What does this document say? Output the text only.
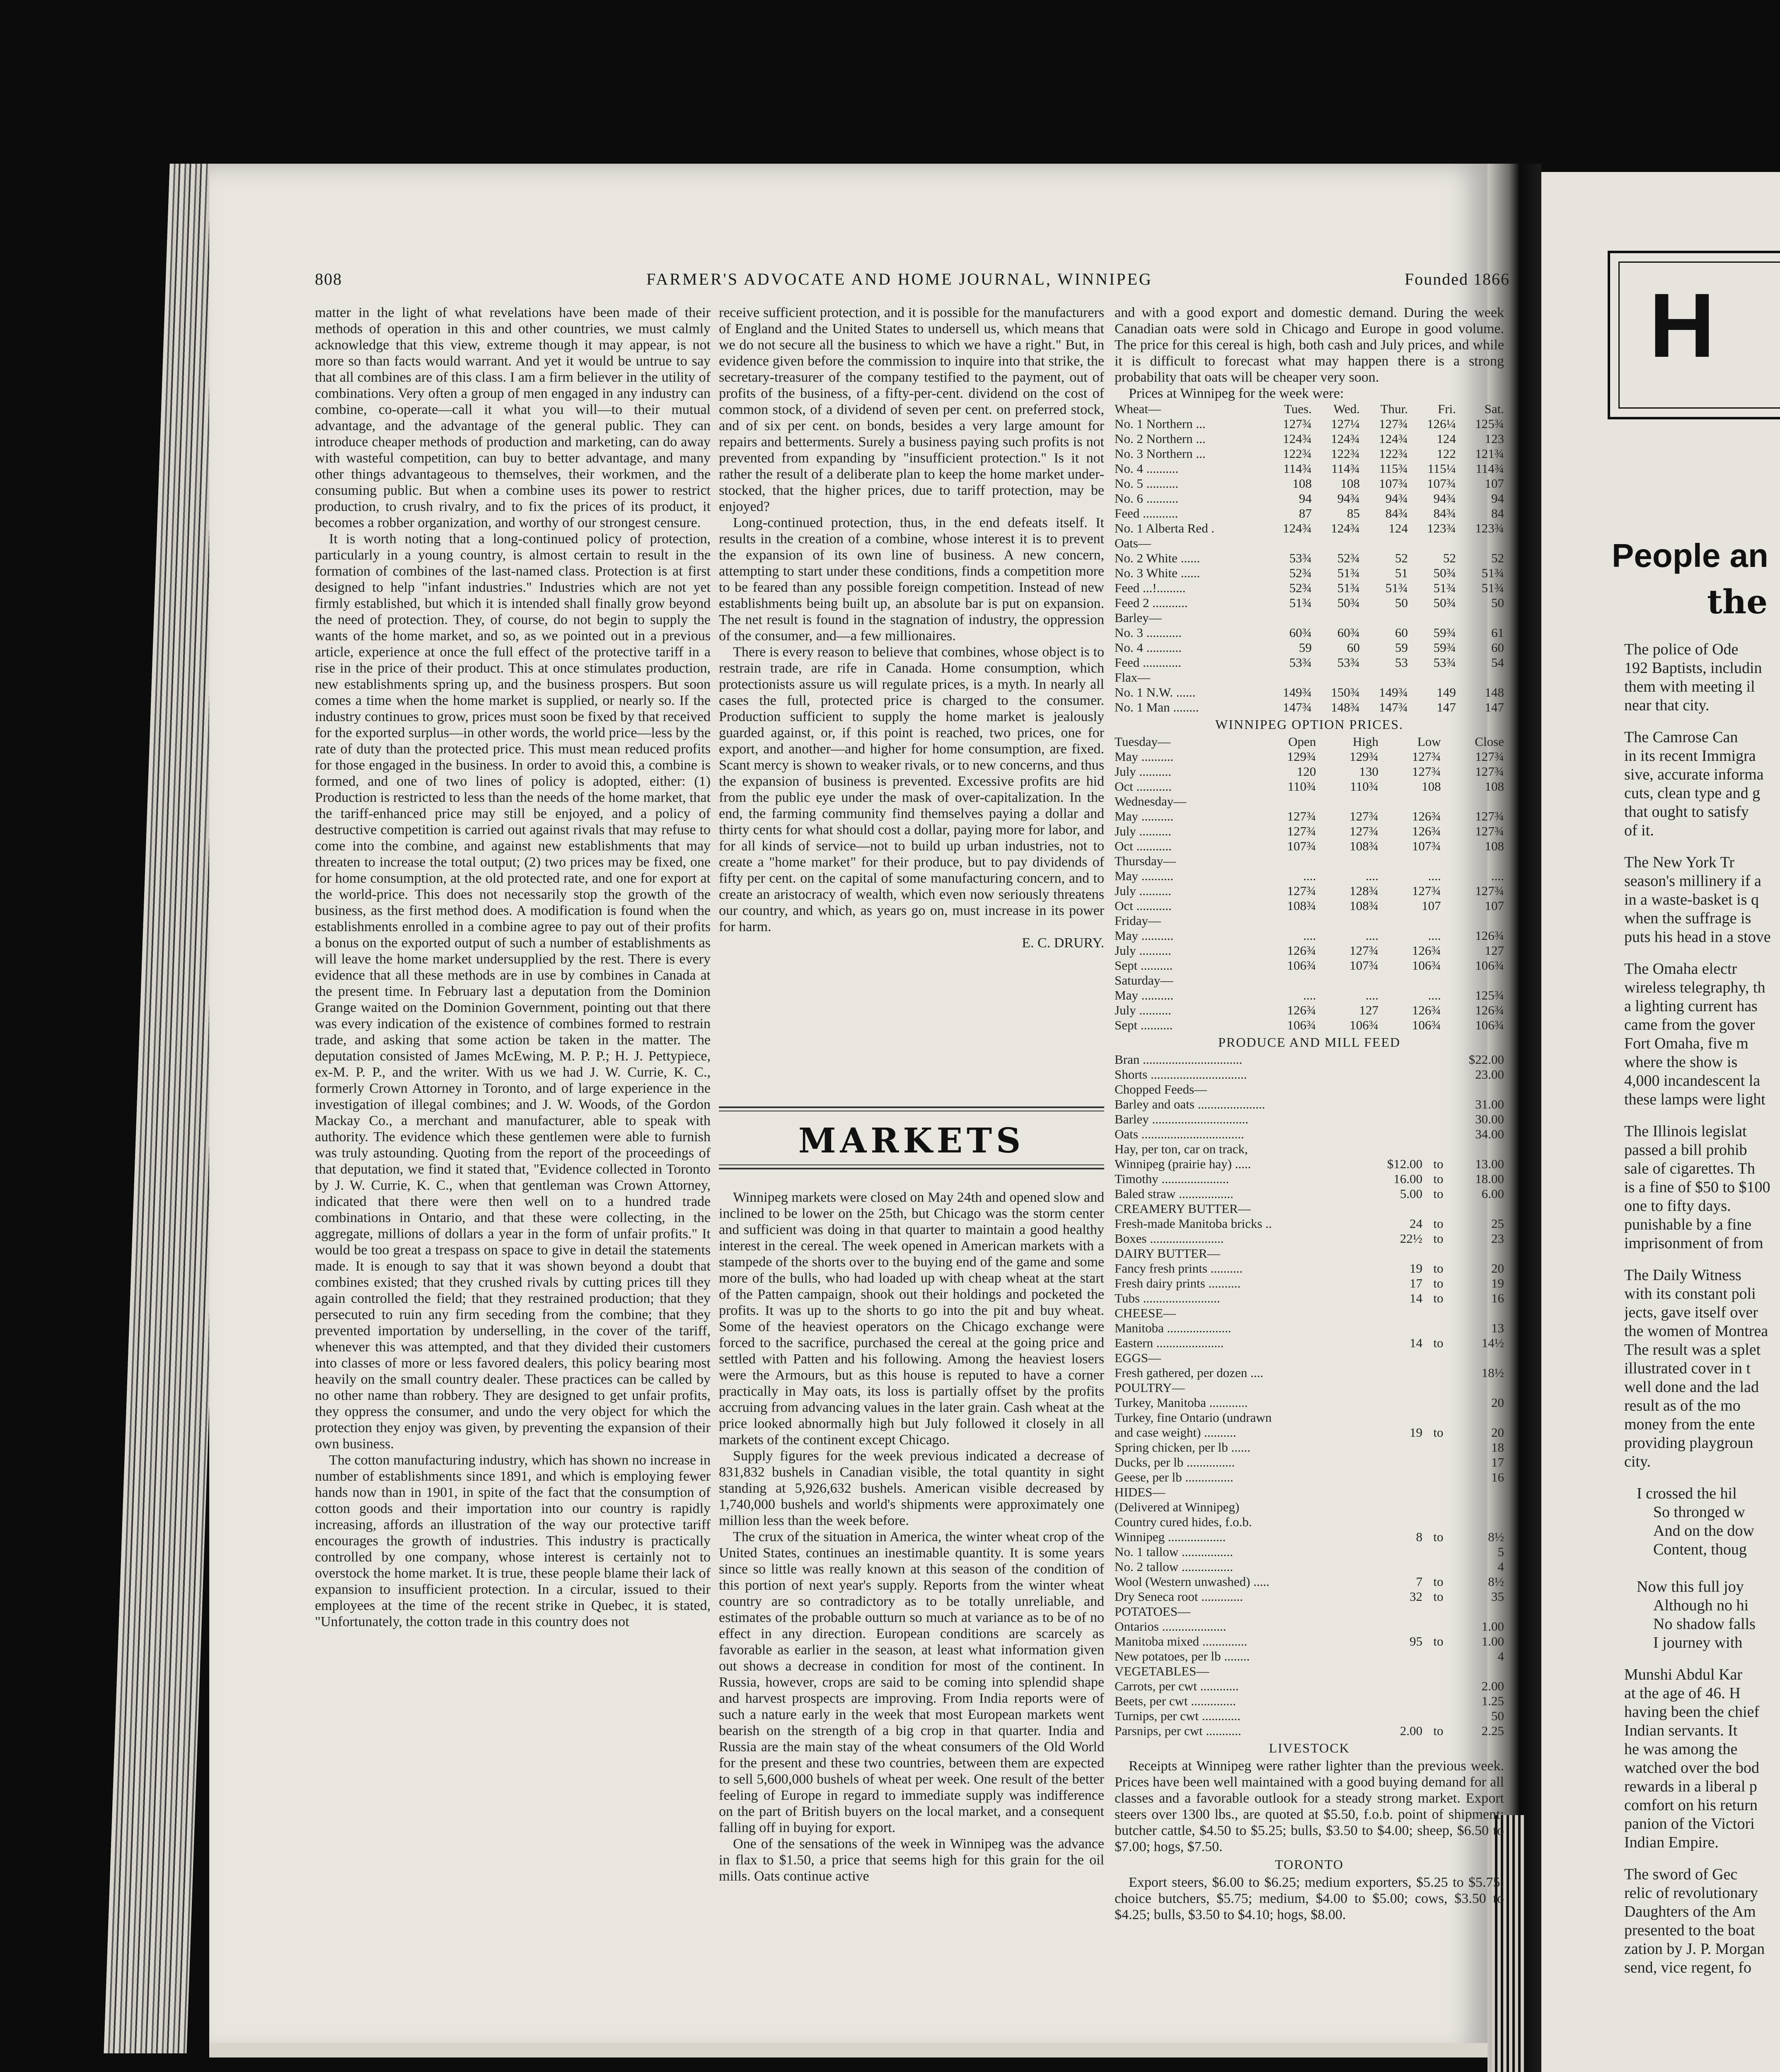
808	FARMER'S ADVOCATE AND HOME JOURNAL, WINNIPEG	Founded 1866

matter in the light of what revelations have been made of their methods of operation in this and other countries, we must calmly acknowledge that this view, extreme though it may appear, is not more so than facts would warrant. And yet it would be untrue to say that all combines are of this class. I am a firm believer in the utility of combinations. Very often a group of men engaged in any industry can combine, co-operate—call it what you will—to their mutual advantage, and the advantage of the general public. They can introduce cheaper methods of production and marketing, can do away with wasteful competition, can buy to better advantage, and many other things advantageous to themselves, their workmen, and the consuming public. But when a combine uses its power to restrict production, to crush rivalry, and to fix the prices of its product, it becomes a robber organization, and worthy of our strongest censure.

It is worth noting that a long-continued policy of protection, particularly in a young country, is almost certain to result in the formation of combines of the last-named class. Protection is at first designed to help "infant industries." Industries which are not yet firmly established, but which it is intended shall finally grow beyond the need of protection. They, of course, do not begin to supply the wants of the home market, and so, as we pointed out in a previous article, experience at once the full effect of the protective tariff in a rise in the price of their product. This at once stimulates production, new establishments spring up, and the business prospers. But soon comes a time when the home market is supplied, or nearly so. If the industry continues to grow, prices must soon be fixed by that received for the exported surplus—in other words, the world price—less by the rate of duty than the protected price. This must mean reduced profits for those engaged in the business. In order to avoid this, a combine is formed, and one of two lines of policy is adopted, either: (1) Production is restricted to less than the needs of the home market, that the tariff-enhanced price may still be enjoyed, and a policy of destructive competition is carried out against rivals that may refuse to come into the combine, and against new establishments that may threaten to increase the total output; (2) two prices may be fixed, one for home consumption, at the old protected rate, and one for export at the world-price. This does not necessarily stop the growth of the business, as the first method does. A modification is found when the establishments enrolled in a combine agree to pay out of their profits a bonus on the exported output of such a number of establishments as will leave the home market undersupplied by the rest. There is every evidence that all these methods are in use by combines in Canada at the present time. In February last a deputation from the Dominion Grange waited on the Dominion Government, pointing out that there was every indication of the existence of combines formed to restrain trade, and asking that some action be taken in the matter. The deputation consisted of James McEwing, M. P. P.; H. J. Pettypiece, ex-M. P. P., and the writer. With us we had J. W. Currie, K. C., formerly Crown Attorney in Toronto, and of large experience in the investigation of illegal combines; and J. W. Woods, of the Gordon Mackay Co., a merchant and manufacturer, able to speak with authority. The evidence which these gentlemen were able to furnish was truly astounding. Quoting from the report of the proceedings of that deputation, we find it stated that, "Evidence collected in Toronto by J. W. Currie, K. C., when that gentleman was Crown Attorney, indicated that there were then well on to a hundred trade combinations in Ontario, and that these were collecting, in the aggregate, millions of dollars a year in the form of unfair profits." It would be too great a trespass on space to give in detail the statements made. It is enough to say that it was shown beyond a doubt that combines existed; that they crushed rivals by cutting prices till they again controlled the field; that they restrained production; that they persecuted to ruin any firm seceding from the combine; that they prevented importation by underselling, in the cover of the tariff, whenever this was attempted, and that they divided their customers into classes of more or less favored dealers, this policy bearing most heavily on the small country dealer. These practices can be called by no other name than robbery. They are designed to get unfair profits, they oppress the consumer, and undo the very object for which the protection they enjoy was given, by preventing the expansion of their own business.

The cotton manufacturing industry, which has shown no increase in number of establishments since 1891, and which is employing fewer hands now than in 1901, in spite of the fact that the consumption of cotton goods and their importation into our country is rapidly increasing, affords an illustration of the way our protective tariff encourages the growth of industries. This industry is practically controlled by one company, whose interest is certainly not to overstock the home market. It is true, these people blame their lack of expansion to insufficient protection. In a circular, issued to their employees at the time of the recent strike in Quebec, it is stated, "Unfortunately, the cotton trade in this country does not

receive sufficient protection, and it is possible for the manufacturers of England and the United States to undersell us, which means that we do not secure all the business to which we have a right." But, in evidence given before the commission to inquire into that strike, the secretary-treasurer of the company testified to the payment, out of profits of the business, of a fifty-per-cent. dividend on the cost of common stock, of a dividend of seven per cent. on preferred stock, and of six per cent. on bonds, besides a very large amount for repairs and betterments. Surely a business paying such profits is not prevented from expanding by "insufficient protection." Is it not rather the result of a deliberate plan to keep the home market under-stocked, that the higher prices, due to tariff protection, may be enjoyed?

Long-continued protection, thus, in the end defeats itself. It results in the creation of a combine, whose interest it is to prevent the expansion of its own line of business. A new concern, attempting to start under these conditions, finds a competition more to be feared than any possible foreign competition. Instead of new establishments being built up, an absolute bar is put on expansion. The net result is found in the stagnation of industry, the oppression of the consumer, and—a few millionaires.

There is every reason to believe that combines, whose object is to restrain trade, are rife in Canada. Home consumption, which protectionists assure us will regulate prices, is a myth. In nearly all cases the full, protected price is charged to the consumer. Production sufficient to supply the home market is jealously guarded against, or, if this point is reached, two prices, one for export, and another—and higher for home consumption, are fixed. Scant mercy is shown to weaker rivals, or to new concerns, and thus the expansion of business is prevented. Excessive profits are hid from the public eye under the mask of over-capitalization. In the end, the farming community find themselves paying a dollar and thirty cents for what should cost a dollar, paying more for labor, and for all kinds of service—not to build up urban industries, not to create a "home market" for their produce, but to pay dividends of fifty per cent. on the capital of some manufacturing concern, and to create an aristocracy of wealth, which even now seriously threatens our country, and which, as years go on, must increase in its power for harm.

E. C. DRURY.
MARKETS

Winnipeg markets were closed on May 24th and opened slow and inclined to be lower on the 25th, but Chicago was the storm center and sufficient was doing in that quarter to maintain a good healthy interest in the cereal. The week opened in American markets with a stampede of the shorts over to the buying end of the game and some more of the bulls, who had loaded up with cheap wheat at the start of the Patten campaign, shook out their holdings and pocketed the profits. It was up to the shorts to go into the pit and buy wheat. Some of the heaviest operators on the Chicago exchange were forced to the sacrifice, purchased the cereal at the going price and settled with Patten and his following. Among the heaviest losers were the Armours, but as this house is reputed to have a corner practically in May oats, its loss is partially offset by the profits accruing from advancing values in the later grain. Cash wheat at the price looked abnormally high but July followed it closely in all markets of the continent except Chicago.

Supply figures for the week previous indicated a decrease of 831,832 bushels in Canadian visible, the total quantity in sight standing at 5,926,632 bushels. American visible decreased by 1,740,000 bushels and world's shipments were approximately one million less than the week before.

The crux of the situation in America, the winter wheat crop of the United States, continues an inestimable quantity. It is some years since so little was really known at this season of the condition of this portion of next year's supply. Reports from the winter wheat country are so contradictory as to be totally unreliable, and estimates of the probable outturn so much at variance as to be of no effect in any direction. European conditions are scarcely as favorable as earlier in the season, at least what information given out shows a decrease in condition for most of the continent. In Russia, however, crops are said to be coming into splendid shape and harvest prospects are improving. From India reports were of such a nature early in the week that most European markets went bearish on the strength of a big crop in that quarter. India and Russia are the main stay of the wheat consumers of the Old World for the present and these two countries, between them are expected to sell 5,600,000 bushels of wheat per week. One result of the better feeling of Europe in regard to immediate supply was indifference on the part of British buyers on the local market, and a consequent falling off in buying for export.

One of the sensations of the week in Winnipeg was the advance in flax to $1.50, a price that seems high for this grain for the oil mills. Oats continue active

and with a good export and domestic demand. During the week Canadian oats were sold in Chicago and Europe in good volume. The price for this cereal is high, both cash and July prices, and while it is difficult to forecast what may happen there is a strong probability that oats will be cheaper very soon.

Prices at Winnipeg for the week were:

Wheat—	Tues.	Wed.	Thur.	Fri.	Sat.
No. 1 Northern ...	127¾	127¼	127¾	126¼	125¾
No. 2 Northern ...	124¾	124¾	124¾	124	123
No. 3 Northern ...	122¾	122¾	122¾	122	121¾
No. 4 ..........	114¾	114¾	115¾	115¼	114¾
No. 5 ..........	108	108	107¾	107¾	107
No. 6 ..........	94	94¾	94¾	94¾	94
Feed ...........	87	85	84¾	84¾	84
No. 1 Alberta Red .	124¾	124¾	124	123¾	123¾
Oats—					
No. 2 White ......	53¾	52¾	52	52	52
No. 3 White ......	52¾	51¾	51	50¾	51¾
Feed ...!.........	52¾	51¾	51¾	51¾	51¾
Feed 2 ...........	51¾	50¾	50	50¾	50
Barley—					
No. 3 ...........	60¾	60¾	60	59¾	61
No. 4 ...........	59	60	59	59¾	60
Feed ............	53¾	53¾	53	53¾	54
Flax—					
No. 1 N.W. ......	149¾	150¾	149¾	149	148
No. 1 Man ........	147¾	148¾	147¾	147	147
WINNIPEG OPTION PRICES.
Tuesday—	Open	High	Low	Close
May ..........	129¾	129¾	127¾	127¾
July ..........	120	130	127¾	127¾
Oct ...........	110¾	110¾	108	108
Wednesday—				
May ..........	127¾	127¾	126¾	127¾
July ..........	127¾	127¾	126¾	127¾
Oct ...........	107¾	108¾	107¾	108
Thursday—				
May ..........	....	....	....	....
July ..........	127¾	128¾	127¾	127¾
Oct ...........	108¾	108¾	107	107
Friday—				
May ..........	....	....	....	126¾
July ..........	126¾	127¾	126¾	127
Sept ..........	106¾	107¾	106¾	106¾
Saturday—				
May ..........	....	....	....	125¾
July ..........	126¾	127	126¾	126¾
Sept ..........	106¾	106¾	106¾	106¾
PRODUCE AND MILL FEED
Bran ...............................			$22.00
Shorts ..............................			23.00
Chopped Feeds—			
Barley and oats .....................			31.00
Barley ..............................			30.00
Oats ................................			34.00
Hay, per ton, car on track,			
Winnipeg (prairie hay) .....	$12.00	to	13.00
Timothy .....................	16.00	to	18.00
Baled straw .................	5.00	to	6.00
CREAMERY BUTTER—			
Fresh-made Manitoba bricks ..	24	to	25
Boxes .......................	22½	to	23
DAIRY BUTTER—			
Fancy fresh prints ..........	19	to	20
Fresh dairy prints ..........	17	to	19
Tubs ........................	14	to	16
CHEESE—			
Manitoba ....................			13
Eastern .....................	14	to	14½
EGGS—			
Fresh gathered, per dozen ....			18½
POULTRY—			
Turkey, Manitoba ............			20
Turkey, fine Ontario (undrawn			
and case weight) ..........	19	to	20
Spring chicken, per lb ......			18
Ducks, per lb ...............			17
Geese, per lb ...............			16
HIDES—			
(Delivered at Winnipeg)			
Country cured hides, f.o.b.			
Winnipeg ..................	8	to	8½
No. 1 tallow ................			5
No. 2 tallow ................			4
Wool (Western unwashed) .....	7	to	8½
Dry Seneca root .............	32	to	35
POTATOES—			
Ontarios ....................			1.00
Manitoba mixed ..............	95	to	1.00
New potatoes, per lb ........			4
VEGETABLES—			
Carrots, per cwt ............			2.00
Beets, per cwt ..............			1.25
Turnips, per cwt ............			50
Parsnips, per cwt ...........	2.00	to	2.25
LIVESTOCK

Receipts at Winnipeg were rather lighter than the previous week. Prices have been well maintained with a good buying demand for all classes and a favorable outlook for a steady strong market. Export steers over 1300 lbs., are quoted at $5.50, f.o.b. point of shipment; butcher cattle, $4.50 to $5.25; bulls, $3.50 to $4.00; sheep, $6.50 to $7.00; hogs, $7.50.

TORONTO

Export steers, $6.00 to $6.25; medium exporters, $5.25 to $5.75; choice butchers, $5.75; medium, $4.00 to $5.00; cows, $3.50 to $4.25; bulls, $3.50 to $4.10; hogs, $8.00.

H
People an
the

The police of Ode
192 Baptists, includin
them with meeting il
near that city.

The Camrose Can
in its recent Immigra
sive, accurate informa
cuts, clean type and g
that ought to satisfy
of it.

The New York Tr
season's millinery if a
in a waste-basket is q
when the suffrage is
puts his head in a stove

The Omaha electr
wireless telegraphy, th
a lighting current has
came from the gover
Fort Omaha, five m
where the show is
4,000 incandescent la
these lamps were light

The Illinois legislat
passed a bill prohib
sale of cigarettes. Th
is a fine of $50 to $100
one to fifty days.
punishable by a fine
imprisonment of from

The Daily Witness
with its constant poli
jects, gave itself over
the women of Montrea
The result was a splet
illustrated cover in t
well done and the lad
result as of the mo
money from the ente
providing playgroun
city.

I crossed the hil
So thronged w
And on the dow
Content, thoug

Now this full joy
Although no hi
No shadow falls
I journey with

Munshi Abdul Kar
at the age of 46. H
having been the chief
Indian servants. It
he was among the
watched over the bod
rewards in a liberal p
comfort on his return
panion of the Victori
Indian Empire.

The sword of Gec
relic of revolutionary
Daughters of the Am
presented to the boat
zation by J. P. Morgan
send, vice regent, fo
